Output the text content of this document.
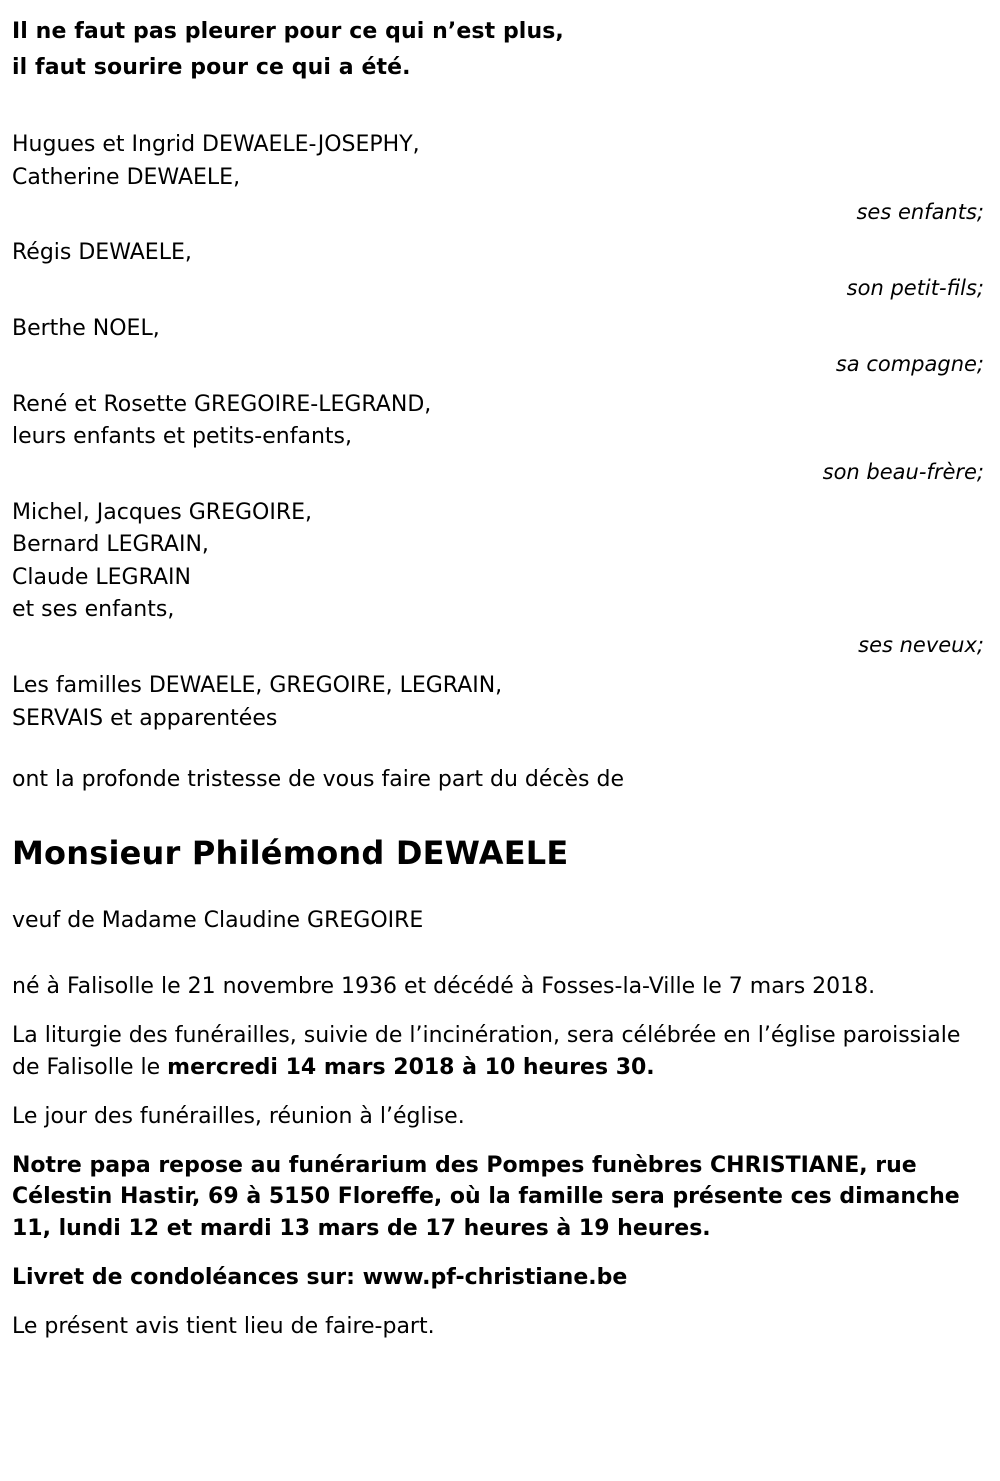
Il ne faut pas pleurer pour ce qui n’est plus,
il faut sourire pour ce qui a été.
Hugues et Ingrid DEWAELE-JOSEPHY,
Catherine DEWAELE,
ses enfants;
Régis DEWAELE,
son petit-fils;
Berthe NOEL,
sa compagne;
René et Rosette GREGOIRE-LEGRAND,
leurs enfants et petits-enfants,
son beau-frère;
Michel, Jacques GREGOIRE,
Bernard LEGRAIN,
Claude LEGRAIN
et ses enfants,
ses neveux;
Les familles DEWAELE, GREGOIRE, LEGRAIN,
SERVAIS et apparentées
ont la profonde tristesse de vous faire part du décès de
Monsieur Philémond DEWAELE
veuf de Madame Claudine GREGOIRE
né à Falisolle le 21 novembre 1936 et décédé à Fosses-la-Ville le 7 mars 2018.
La liturgie des funérailles, suivie de l’incinération, sera célébrée en l’église paroissiale de Falisolle le mercredi 14 mars 2018 à 10 heures 30.
Le jour des funérailles, réunion à l’église.
Notre papa repose au funérarium des Pompes funèbres CHRISTIANE, rue Célestin Hastir, 69 à 5150 Floreffe, où la famille sera présente ces dimanche 11, lundi 12 et mardi 13 mars de 17 heures à 19 heures.
Livret de condoléances sur: www.pf-christiane.be
Le présent avis tient lieu de faire-part.
